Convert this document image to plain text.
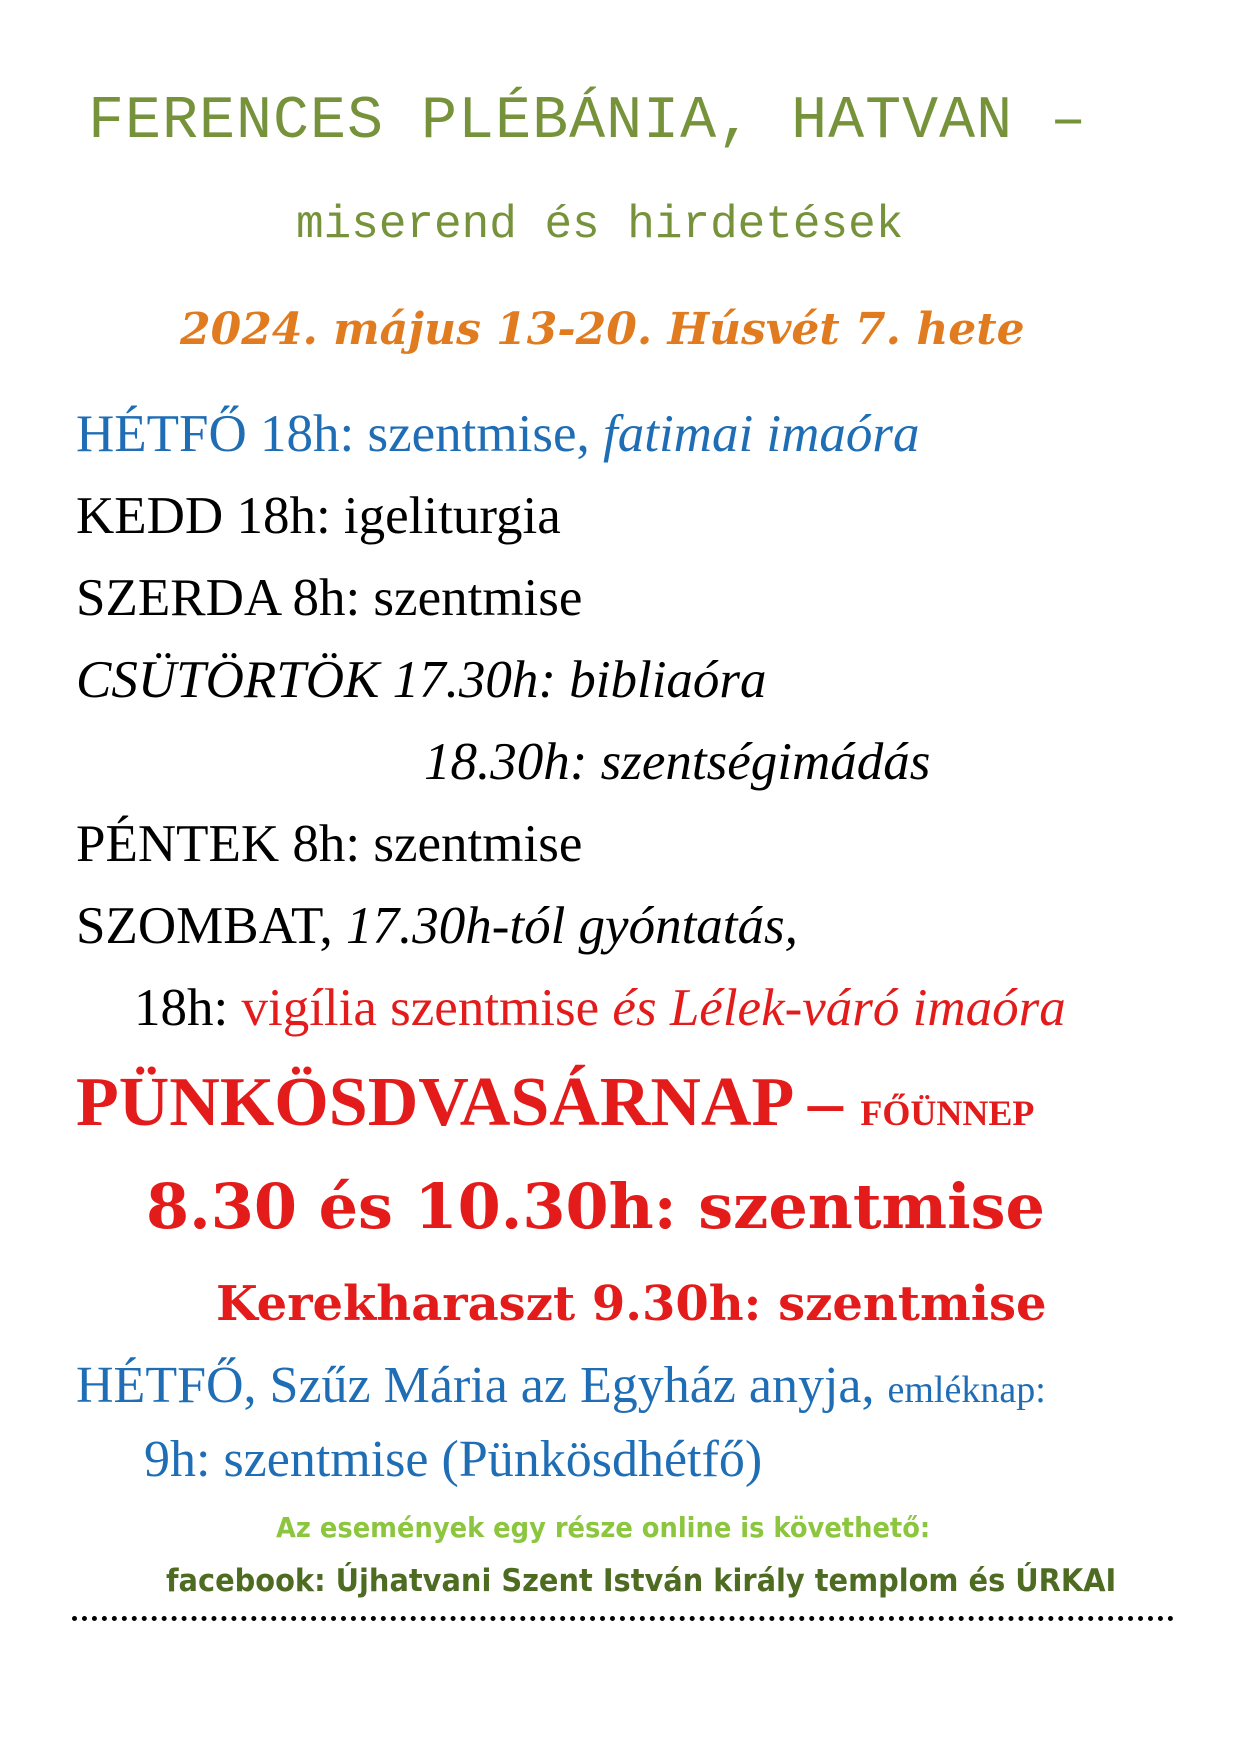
FERENCES PLÉBÁNIA, HATVAN –
miserend és hirdetések
2024. május 13-20. Húsvét 7. hete
HÉTFŐ 18h: szentmise, fatimai imaóra
KEDD 18h: igeliturgia
SZERDA 8h: szentmise
CSÜTÖRTÖK 17.30h: bibliaóra
18.30h: szentségimádás
PÉNTEK 8h: szentmise
SZOMBAT, 17.30h-tól gyóntatás,
18h: vigília szentmise és Lélek-váró imaóra
PÜNKÖSDVASÁRNAP – FŐÜNNEP
8.30 és 10.30h: szentmise
Kerekharaszt 9.30h: szentmise
HÉTFŐ, Szűz Mária az Egyház anyja, emléknap:
9h: szentmise (Pünkösdhétfő)
Az események egy része online is követhető:
facebook: Újhatvani Szent István király templom és ÚRKAI
